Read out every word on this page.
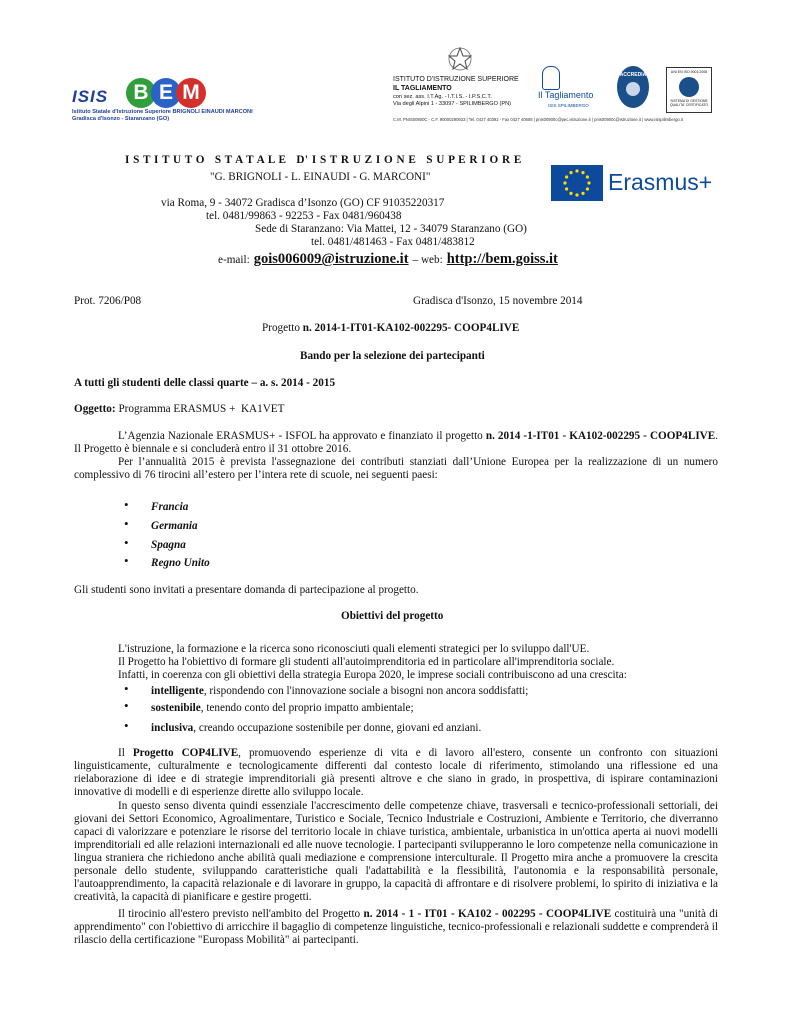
ISIS	B E M
Istituto Statale d'Istruzione Superiore BRIGNOLI EINAUDI MARCONI
Gradisca d'Isonzo - Staranzano (GO)
ISTITUTO D'ISTRUZIONE SUPERIORE
IL TAGLIAMENTO
con sez. ass. I.T.Ag. - I.T.I.S. - I.P.S.C.T.
Via degli Alpini 1 - 33097 - SPILIMBERGO (PN)
Il Tagliamento
ISIS SPILIMBERGO
ACCREDIA	UNI EN ISO 9001:2008
SISTEMA DI GESTIONE QUALITA' CERTIFICATO
C.M. PNIS00900C - C.F. 90000290933 | Tel. 0427 40392 - Fax 0427 40808 | pnis00900c@pec.istruzione.it | pnis00900c@istruzione.it | www.isispilimbergo.it
I S T I T U T O   S T A T A L E   D' I S T R U Z I O N E   S U P E R I O R E
"G. BRIGNOLI - L. EINAUDI - G. MARCONI"	Erasmus+
via Roma, 9 - 34072 Gradisca d’Isonzo (GO) CF 91035220317
tel. 0481/99863 - 92253 - Fax 0481/960438
Sede di Staranzano: Via Mattei, 12 - 34079 Staranzano (GO)
tel. 0481/481463 - Fax 0481/483812
e-mail: gois006009@istruzione.it – web: http://bem.goiss.it
Prot. 7206/P08	Gradisca d'Isonzo, 15 novembre 2014
Progetto n. 2014-1-IT01-KA102-002295- COOP4LIVE
Bando per la selezione dei partecipanti
A tutti gli studenti delle classi quarte – a. s. 2014 - 2015
Oggetto: Programma ERASMUS +  KA1VET
L’Agenzia Nazionale ERASMUS+ - ISFOL ha approvato e finanziato il progetto n. 2014 -1-IT01 - KA102-002295 - COOP4LIVE. Il Progetto è biennale e si concluderà entro il 31 ottobre 2016.
Per l’annualità 2015 è prevista l'assegnazione dei contributi stanziati dall’Unione Europea per la realizzazione di un numero complessivo di 76 tirocini all’estero per l’intera rete di scuole, nei seguenti paesi:
• Francia
• Germania
• Spagna
• Regno Unito
Gli studenti sono invitati a presentare domanda di partecipazione al progetto.
Obiettivi del progetto
L'istruzione, la formazione e la ricerca sono riconosciuti quali elementi strategici per lo sviluppo dall'UE.
Il Progetto ha l'obiettivo di formare gli studenti all'autoimprenditoria ed in particolare all'imprenditoria sociale.
Infatti, in coerenza con gli obiettivi della strategia Europa 2020, le imprese sociali contribuiscono ad una crescita:
• intelligente, rispondendo con l'innovazione sociale a bisogni non ancora soddisfatti;
• sostenibile, tenendo conto del proprio impatto ambientale;
• inclusiva, creando occupazione sostenibile per donne, giovani ed anziani.
Il Progetto COP4LIVE, promuovendo esperienze di vita e di lavoro all'estero, consente un confronto con situazioni linguisticamente, culturalmente e tecnologicamente differenti dal contesto locale di riferimento, stimolando una riflessione ed una rielaborazione di idee e di strategie imprenditoriali già presenti altrove e che siano in grado, in prospettiva, di ispirare contaminazioni innovative di modelli e di esperienze dirette allo sviluppo locale.
In questo senso diventa quindi essenziale l'accrescimento delle competenze chiave, trasversali e tecnico-professionali settoriali, dei giovani dei Settori Economico, Agroalimentare, Turistico e Sociale, Tecnico Industriale e Costruzioni, Ambiente e Territorio, che diverranno capaci di valorizzare e potenziare le risorse del territorio locale in chiave turistica, ambientale, urbanistica in un'ottica aperta ai nuovi modelli imprenditoriali ed alle relazioni internazionali ed alle nuove tecnologie. I partecipanti svilupperanno le loro competenze nella comunicazione in lingua straniera che richiedono anche abilità quali mediazione e comprensione interculturale. Il Progetto mira anche a promuovere la crescita personale dello studente, sviluppando caratteristiche quali l'adattabilità e la flessibilità, l'autonomia e la responsabilità personale, l'autoapprendimento, la capacità relazionale e di lavorare in gruppo, la capacità di affrontare e di risolvere problemi, lo spirito di iniziativa e la creatività, la capacità di pianificare e gestire progetti.
Il tirocinio all'estero previsto nell'ambito del Progetto n. 2014 - 1 - IT01 - KA102 - 002295 - COOP4LIVE costituirà una "unità di apprendimento" con l'obiettivo di arricchire il bagaglio di competenze linguistiche, tecnico-professionali e relazionali suddette e comprenderà il rilascio della certificazione "Europass Mobilità" ai partecipanti.
